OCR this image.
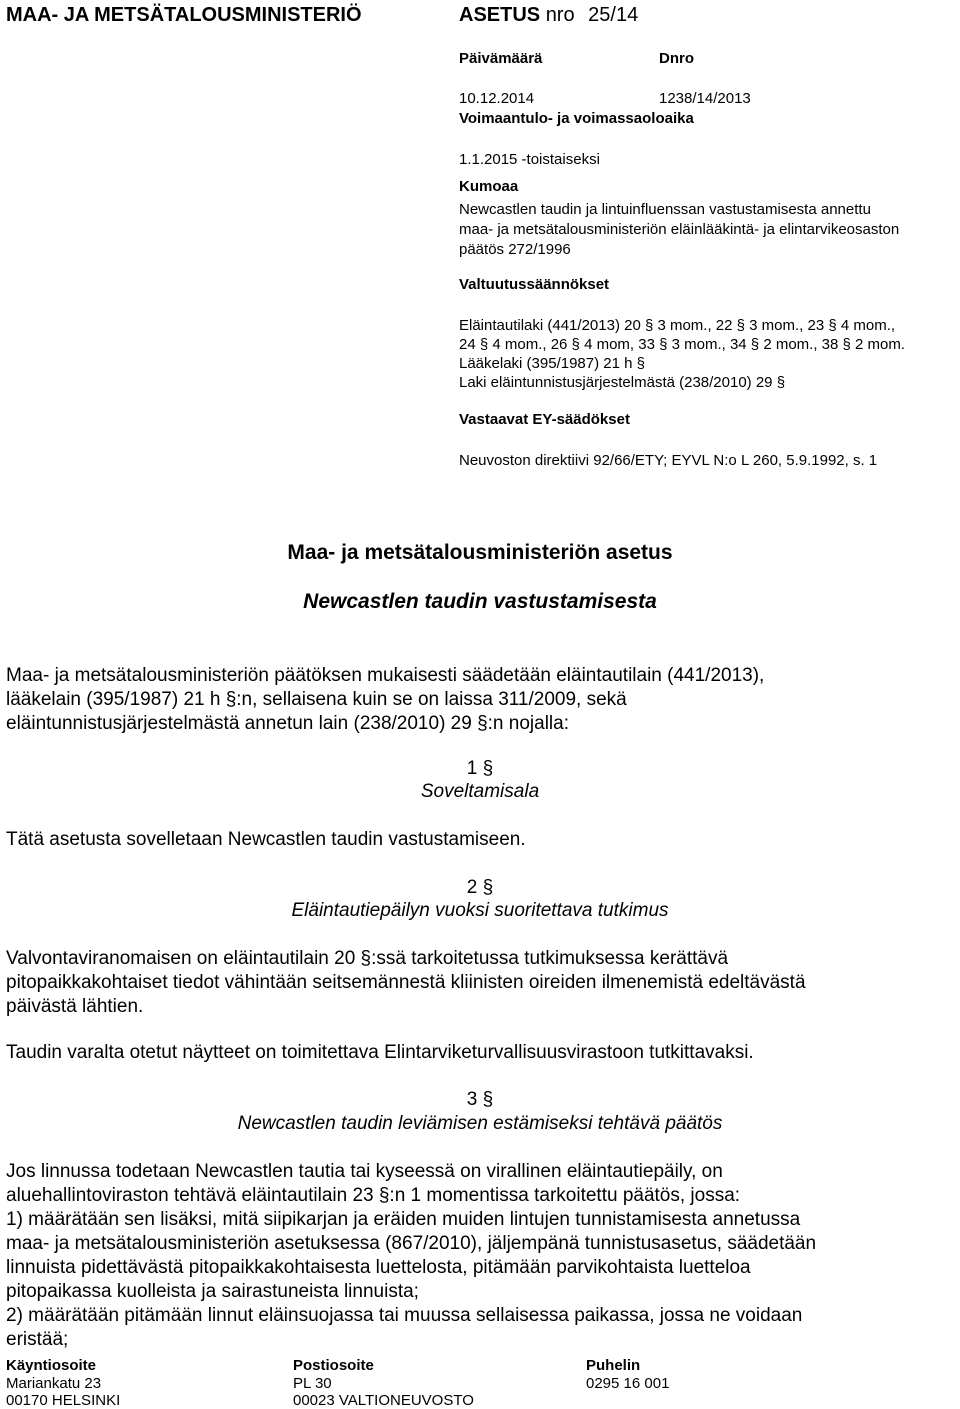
MAA- JA METSÄTALOUSMINISTERIÖ	ASETUS nro 25/14
Päivämäärä	Dnro
10.12.2014	1238/14/2013
Voimaantulo- ja voimassaoloaika
1.1.2015 -toistaiseksi
Kumoaa
Newcastlen taudin ja lintuinfluenssan vastustamisesta annettu
maa- ja metsätalousministeriön eläinlääkintä- ja elintarvikeosaston
päätös 272/1996
Valtuutussäännökset
Eläintautilaki (441/2013) 20 § 3 mom., 22 § 3 mom., 23 § 4 mom.,
24 § 4 mom., 26 § 4 mom, 33 § 3 mom., 34 § 2 mom., 38 § 2 mom.
Lääkelaki (395/1987) 21 h §
Laki eläintunnistusjärjestelmästä (238/2010) 29 §
Vastaavat EY-säädökset
Neuvoston direktiivi 92/66/ETY; EYVL N:o L 260, 5.9.1992, s. 1
Maa- ja metsätalousministeriön asetus
Newcastlen taudin vastustamisesta
Maa- ja metsätalousministeriön päätöksen mukaisesti säädetään eläintautilain (441/2013),
lääkelain (395/1987) 21 h §:n, sellaisena kuin se on laissa 311/2009, sekä
eläintunnistusjärjestelmästä annetun lain (238/2010) 29 §:n nojalla:
1 §
Soveltamisala
Tätä asetusta sovelletaan Newcastlen taudin vastustamiseen.
2 §
Eläintautiepäilyn vuoksi suoritettava tutkimus
Valvontaviranomaisen on eläintautilain 20 §:ssä tarkoitetussa tutkimuksessa kerättävä
pitopaikkakohtaiset tiedot vähintään seitsemännestä kliinisten oireiden ilmenemistä edeltävästä
päivästä lähtien.
Taudin varalta otetut näytteet on toimitettava Elintarviketurvallisuusvirastoon tutkittavaksi.
3 §
Newcastlen taudin leviämisen estämiseksi tehtävä päätös
Jos linnussa todetaan Newcastlen tautia tai kyseessä on virallinen eläintautiepäily, on
aluehallintoviraston tehtävä eläintautilain 23 §:n 1 momentissa tarkoitettu päätös, jossa:
1) määrätään sen lisäksi, mitä siipikarjan ja eräiden muiden lintujen tunnistamisesta annetussa
maa- ja metsätalousministeriön asetuksessa (867/2010), jäljempänä tunnistusasetus, säädetään
linnuista pidettävästä pitopaikkakohtaisesta luettelosta, pitämään parvikohtaista luetteloa
pitopaikassa kuolleista ja sairastuneista linnuista;
2) määrätään pitämään linnut eläinsuojassa tai muussa sellaisessa paikassa, jossa ne voidaan
eristää;
Käyntiosoite	Postiosoite	Puhelin
Mariankatu 23	PL 30	0295 16 001
00170 HELSINKI	00023 VALTIONEUVOSTO
